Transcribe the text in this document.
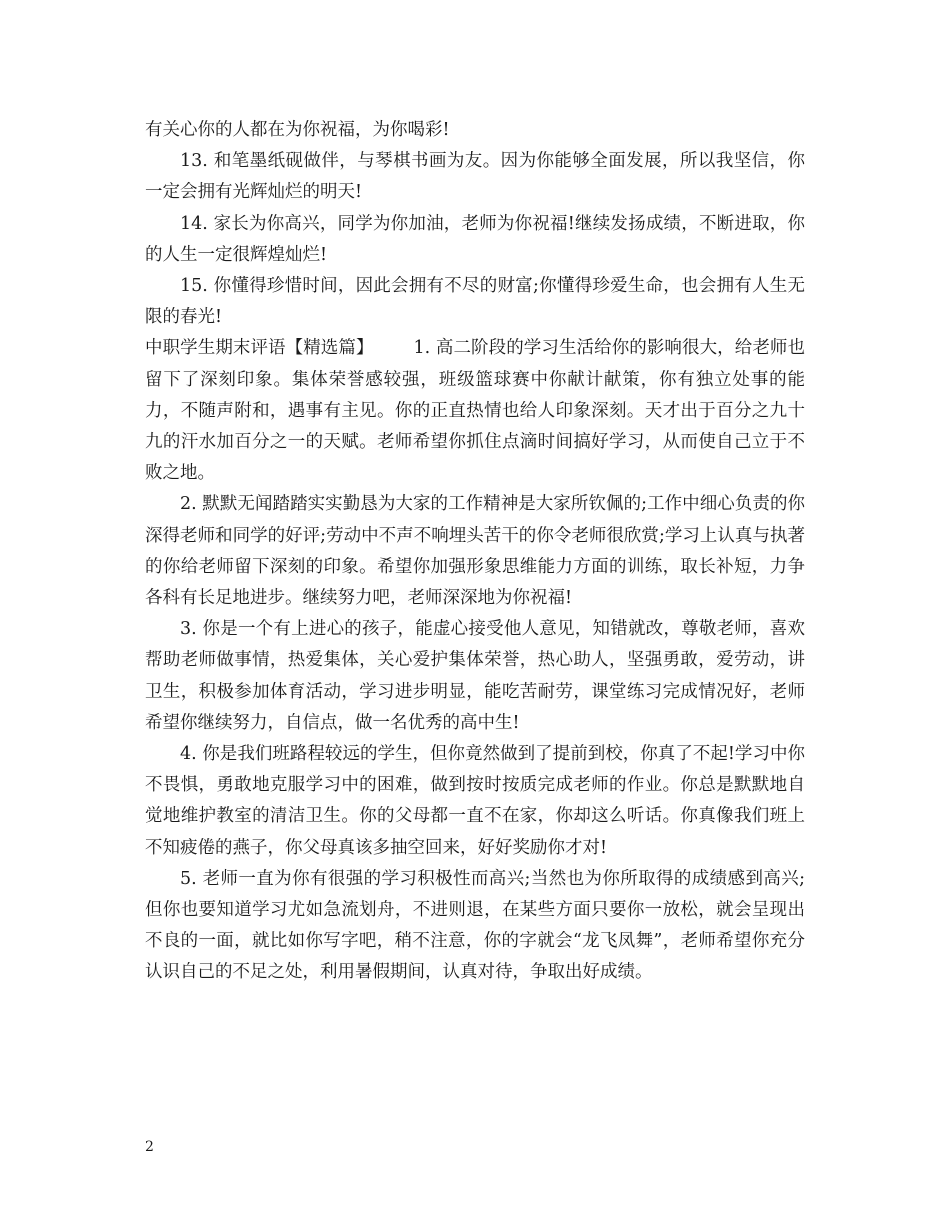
有关心你的人都在为你祝福，为你喝彩!

13. 和笔墨纸砚做伴，与琴棋书画为友。因为你能够全面发展，所以我坚信，你一定会拥有光辉灿烂的明天!

14. 家长为你高兴，同学为你加油，老师为你祝福!继续发扬成绩，不断进取，你的人生一定很辉煌灿烂!

15. 你懂得珍惜时间，因此会拥有不尽的财富;你懂得珍爱生命，也会拥有人生无限的春光!

中职学生期末评语【精选篇】 1. 高二阶段的学习生活给你的影响很大，给老师也留下了深刻印象。集体荣誉感较强，班级篮球赛中你献计献策，你有独立处事的能力，不随声附和，遇事有主见。你的正直热情也给人印象深刻。天才出于百分之九十九的汗水加百分之一的天赋。老师希望你抓住点滴时间搞好学习，从而使自己立于不败之地。

2. 默默无闻踏踏实实勤恳为大家的工作精神是大家所钦佩的;工作中细心负责的你深得老师和同学的好评;劳动中不声不响埋头苦干的你令老师很欣赏;学习上认真与执著的你给老师留下深刻的印象。希望你加强形象思维能力方面的训练，取长补短，力争各科有长足地进步。继续努力吧，老师深深地为你祝福!

3. 你是一个有上进心的孩子，能虚心接受他人意见，知错就改，尊敬老师，喜欢帮助老师做事情，热爱集体，关心爱护集体荣誉，热心助人，坚强勇敢，爱劳动，讲卫生，积极参加体育活动，学习进步明显，能吃苦耐劳，课堂练习完成情况好，老师希望你继续努力，自信点，做一名优秀的高中生!

4. 你是我们班路程较远的学生，但你竟然做到了提前到校，你真了不起!学习中你不畏惧，勇敢地克服学习中的困难，做到按时按质完成老师的作业。你总是默默地自觉地维护教室的清洁卫生。你的父母都一直不在家，你却这么听话。你真像我们班上不知疲倦的燕子，你父母真该多抽空回来，好好奖励你才对!

5. 老师一直为你有很强的学习积极性而高兴;当然也为你所取得的成绩感到高兴;但你也要知道学习尤如急流划舟，不进则退，在某些方面只要你一放松，就会呈现出不良的一面，就比如你写字吧，稍不注意，你的字就会“龙飞凤舞”，老师希望你充分认识自己的不足之处，利用暑假期间，认真对待，争取出好成绩。

2
